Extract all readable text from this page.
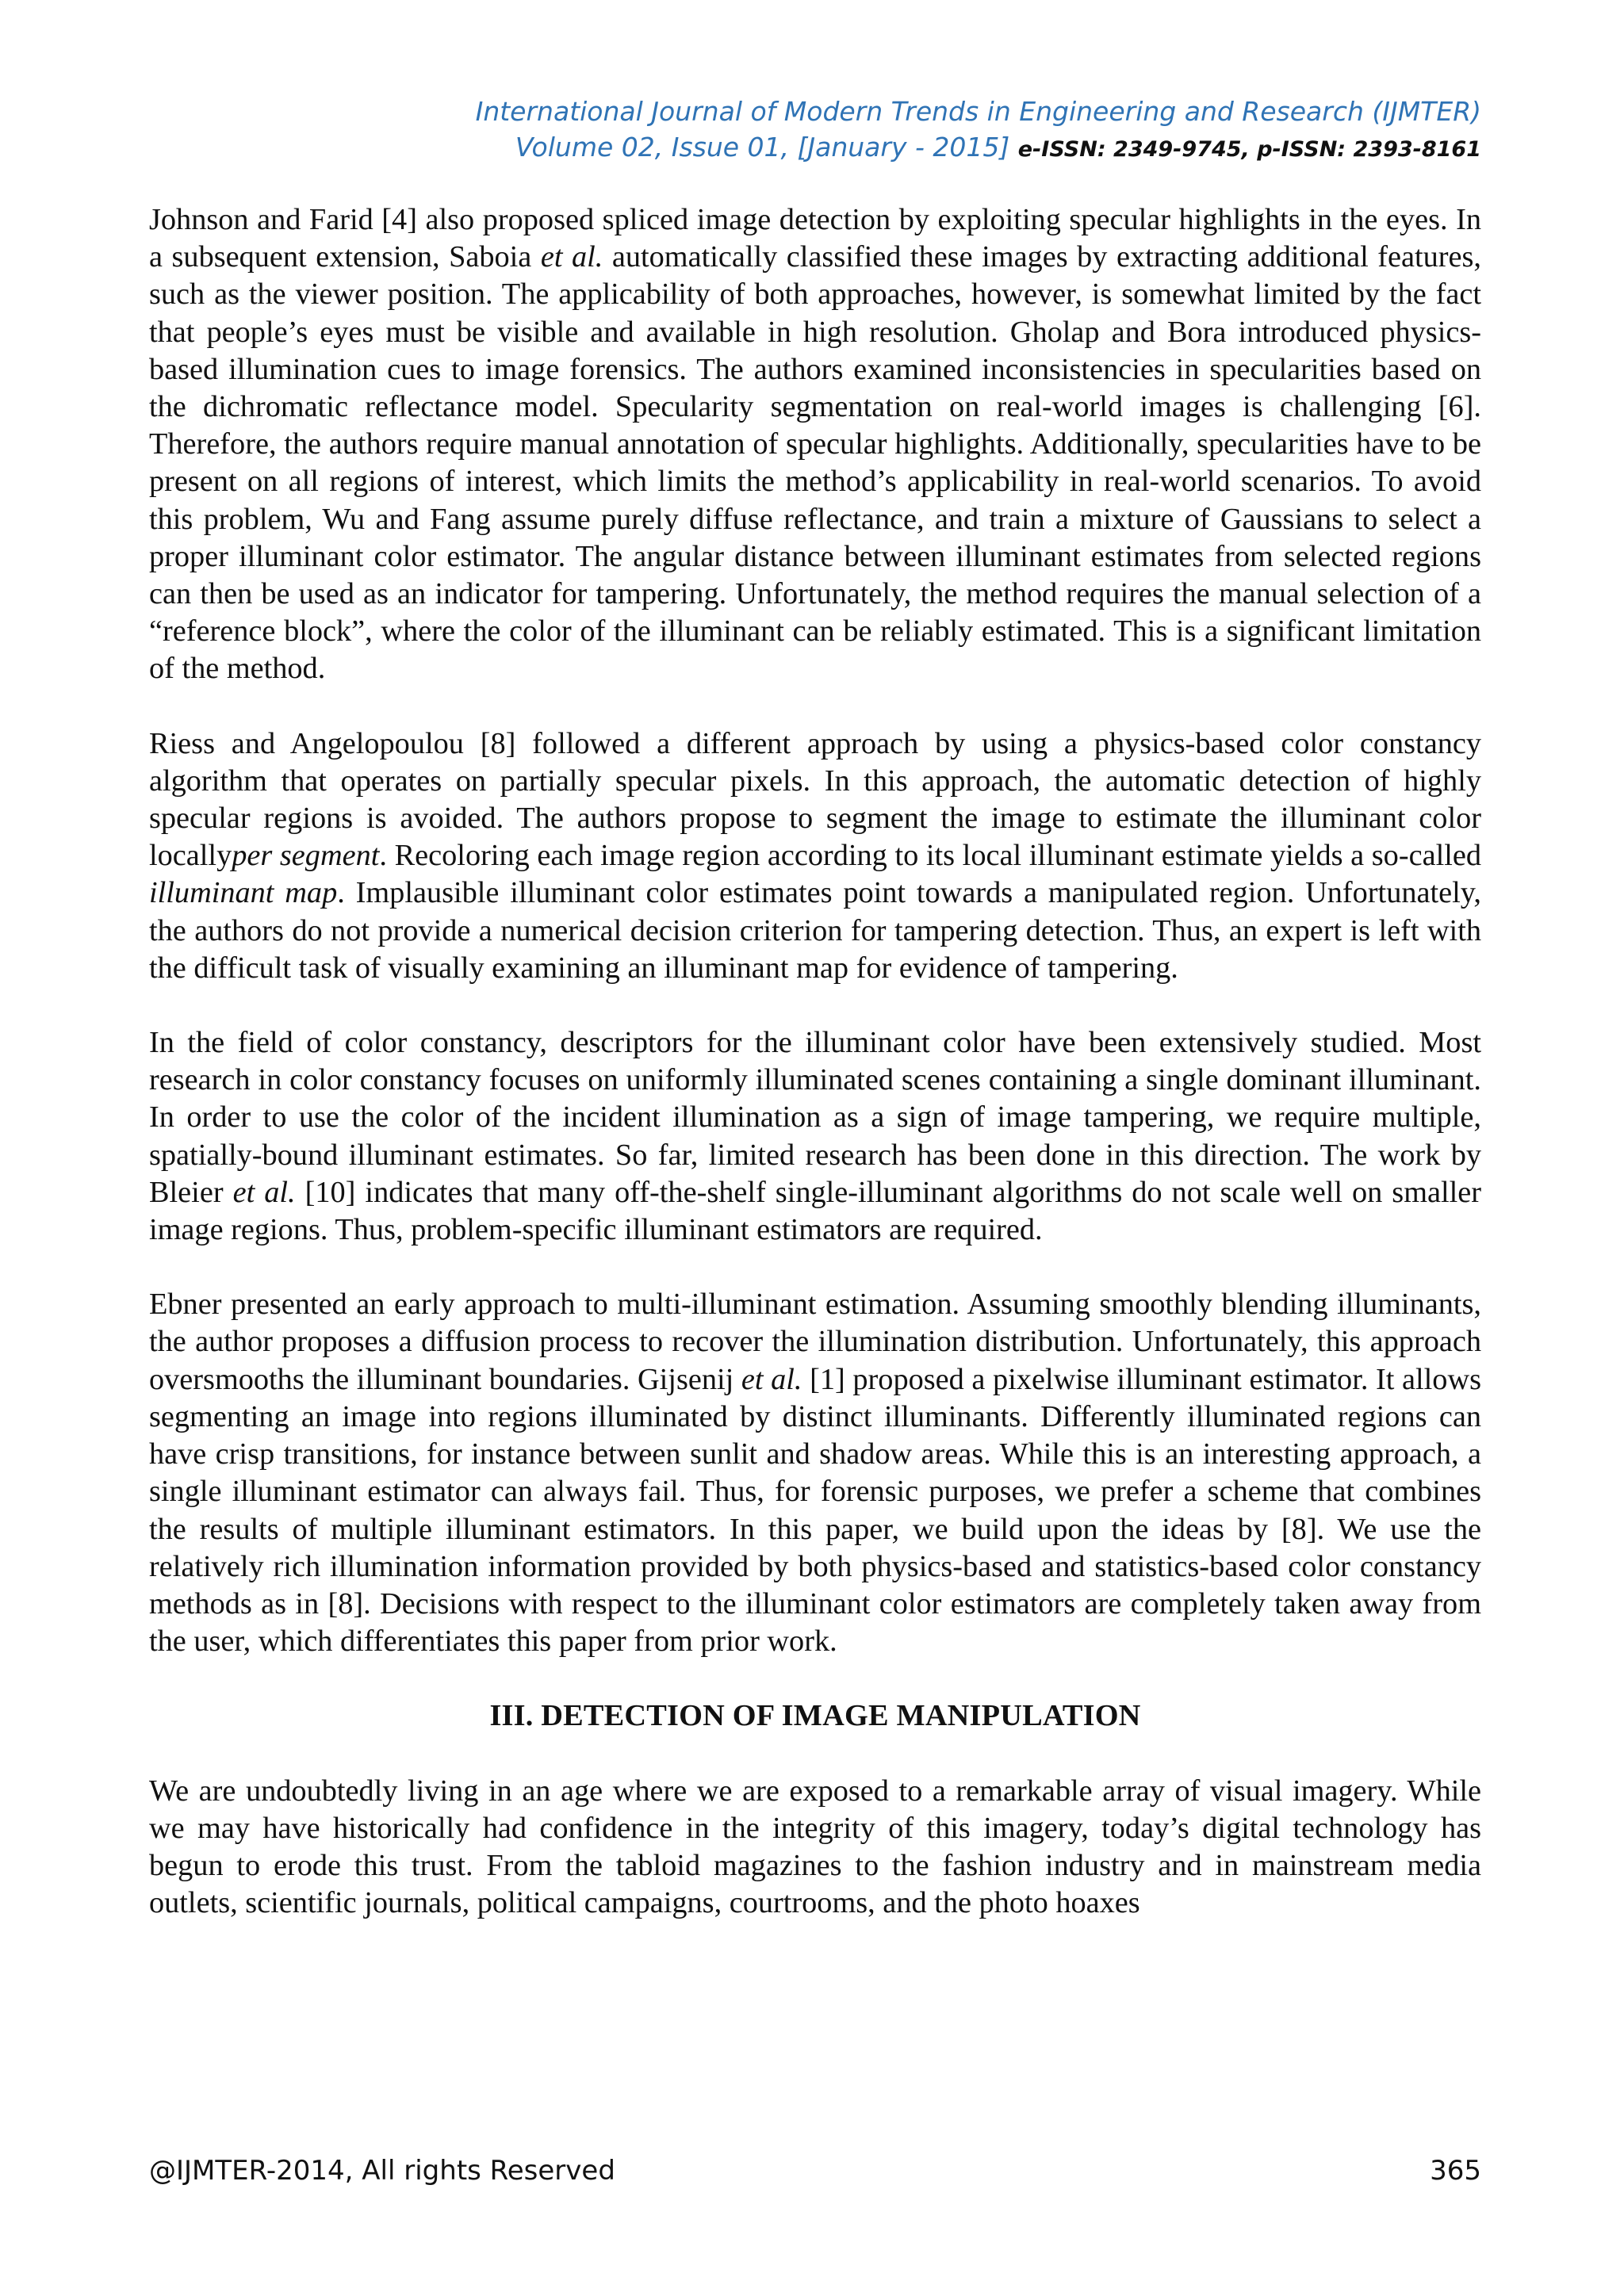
International Journal of Modern Trends in Engineering and Research (IJMTER)
Volume 02, Issue 01, [January - 2015] e-ISSN: 2349-9745, p-ISSN: 2393-8161

Johnson and Farid [4] also proposed spliced image detection by exploiting specular highlights in the eyes. In a subsequent extension, Saboia et al. automatically classified these images by extracting additional features, such as the viewer position. The applicability of both approaches, however, is somewhat limited by the fact that people’s eyes must be visible and available in high resolution. Gholap and Bora introduced physics-based illumination cues to image forensics. The authors examined inconsistencies in specularities based on the dichromatic reflectance model. Specularity segmentation on real-world images is challenging [6]. Therefore, the authors require manual annotation of specular highlights. Additionally, specularities have to be present on all regions of interest, which limits the method’s applicability in real-world scenarios. To avoid this problem, Wu and Fang assume purely diffuse reflectance, and train a mixture of Gaussians to select a proper illuminant color estimator. The angular distance between illuminant estimates from selected regions can then be used as an indicator for tampering. Unfortunately, the method requires the manual selection of a “reference block”, where the color of the illuminant can be reliably estimated. This is a significant limitation of the method.

Riess and Angelopoulou [8] followed a different approach by using a physics-based color constancy algorithm that operates on partially specular pixels. In this approach, the automatic detection of highly specular regions is avoided. The authors propose to segment the image to estimate the illuminant color locallyper segment. Recoloring each image region according to its local illuminant estimate yields a so-called illuminant map. Implausible illuminant color estimates point towards a manipulated region. Unfortunately, the authors do not provide a numerical decision criterion for tampering detection. Thus, an expert is left with the difficult task of visually examining an illuminant map for evidence of tampering.

In the field of color constancy, descriptors for the illuminant color have been extensively studied. Most research in color constancy focuses on uniformly illuminated scenes containing a single dominant illuminant. In order to use the color of the incident illumination as a sign of image tampering, we require multiple, spatially-bound illuminant estimates. So far, limited research has been done in this direction. The work by Bleier et al. [10] indicates that many off-the-shelf single-illuminant algorithms do not scale well on smaller image regions. Thus, problem-specific illuminant estimators are required.

Ebner presented an early approach to multi-illuminant estimation. Assuming smoothly blending illuminants, the author proposes a diffusion process to recover the illumination distribution. Unfortunately, this approach oversmooths the illuminant boundaries. Gijsenij et al. [1] proposed a pixelwise illuminant estimator. It allows segmenting an image into regions illuminated by distinct illuminants. Differently illuminated regions can have crisp transitions, for instance between sunlit and shadow areas. While this is an interesting approach, a single illuminant estimator can always fail. Thus, for forensic purposes, we prefer a scheme that combines the results of multiple illuminant estimators. In this paper, we build upon the ideas by [8]. We use the relatively rich illumination information provided by both physics-based and statistics-based color constancy methods as in [8]. Decisions with respect to the illuminant color estimators are completely taken away from the user, which differentiates this paper from prior work.

III. DETECTION OF IMAGE MANIPULATION

We are undoubtedly living in an age where we are exposed to a remarkable array of visual imagery. While we may have historically had confidence in the integrity of this imagery, today’s digital technology has begun to erode this trust. From the tabloid magazines to the fashion industry and in mainstream media outlets, scientific journals, political campaigns, courtrooms, and the photo hoaxes

@IJMTER-2014, All rights Reserved	365
